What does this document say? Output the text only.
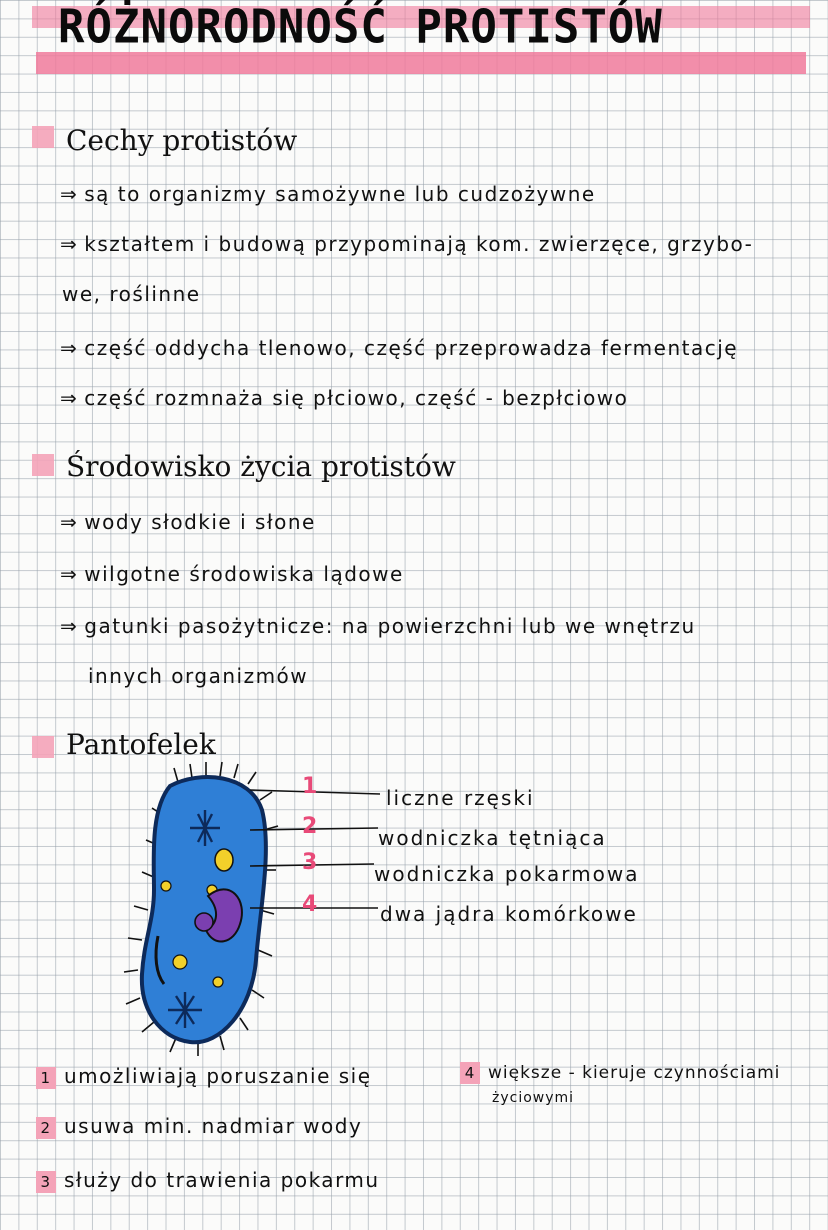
RÓŻNORODNOŚĆ PROTISTÓW
Cechy protistów
⇒ są to organizmy samożywne lub cudzożywne
⇒ kształtem i budową przypominają kom. zwierzęce, grzybo-
we, roślinne
⇒ część oddycha tlenowo, część przeprowadza fermentację
⇒ część rozmnaża się płciowo, część - bezpłciowo
Środowisko życia protistów
⇒ wody słodkie i słone
⇒ wilgotne środowiska lądowe
⇒ gatunki pasożytnicze: na powierzchni lub we wnętrzu
innych organizmów
Pantofelek
1
2
3
4
liczne rzęski
wodniczka tętniąca
wodniczka pokarmowa
dwa jądra komórkowe
1 umożliwiają poruszanie się
2 usuwa min. nadmiar wody
3 służy do trawienia pokarmu
4 większe - kieruje czynnościami
życiowymi
